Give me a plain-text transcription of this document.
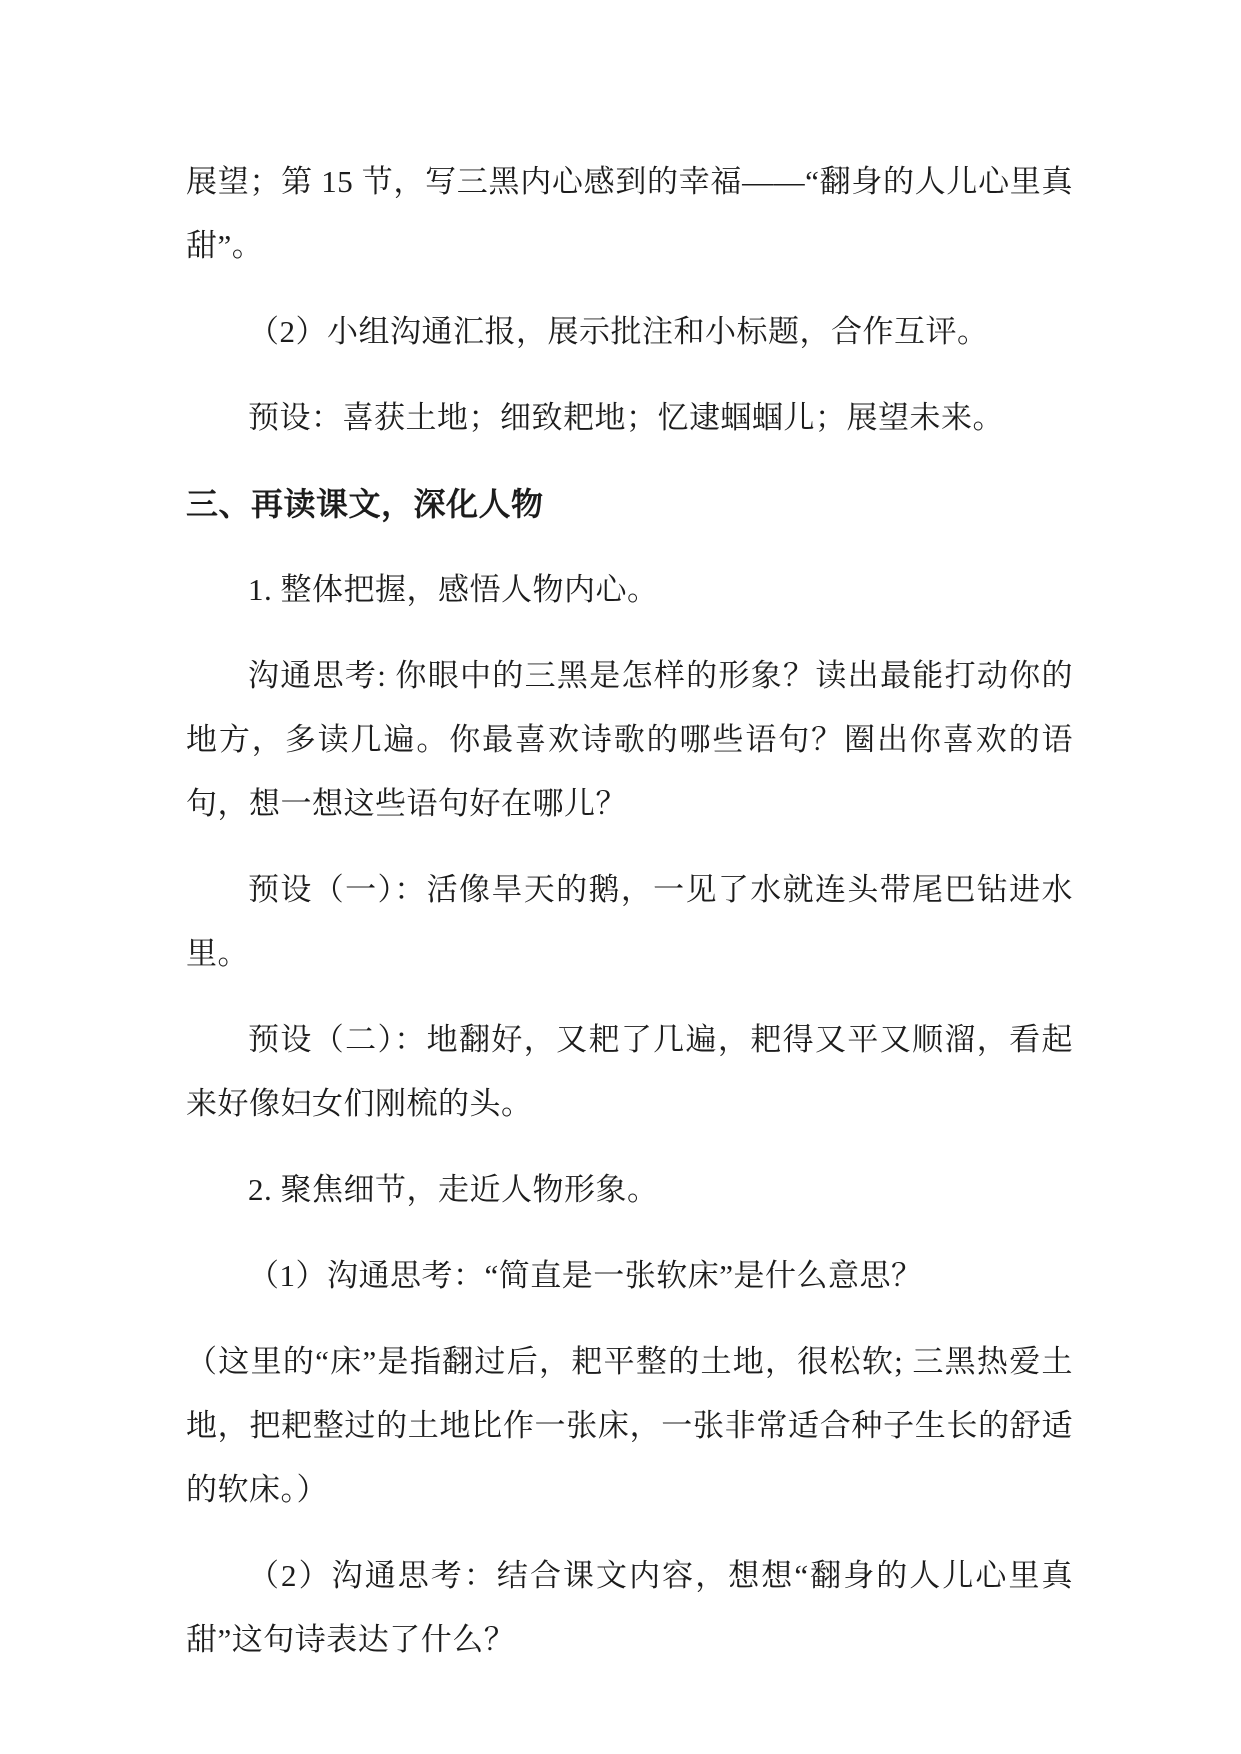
展望；第 15 节，写三黑内心感到的幸福——“翻身的人儿心里真甜”。

（2）小组沟通汇报，展示批注和小标题，合作互评。

预设：喜获土地；细致耙地；忆逮蝈蝈儿；展望未来。

三、再读课文，深化人物

1. 整体把握，感悟人物内心。

沟通思考: 你眼中的三黑是怎样的形象？读出最能打动你的地方，多读几遍。你最喜欢诗歌的哪些语句？圈出你喜欢的语句，想一想这些语句好在哪儿？

预设（一）：活像旱天的鹅，一见了水就连头带尾巴钻进水里。

预设（二）：地翻好，又耙了几遍，耙得又平又顺溜，看起来好像妇女们刚梳的头。

2. 聚焦细节，走近人物形象。

（1）沟通思考：“简直是一张软床”是什么意思？

（这里的“床”是指翻过后，耙平整的土地，很松软; 三黑热爱土地，把耙整过的土地比作一张床，一张非常适合种子生长的舒适的软床。）

（2）沟通思考：结合课文内容，想想“翻身的人儿心里真甜”这句诗表达了什么？
